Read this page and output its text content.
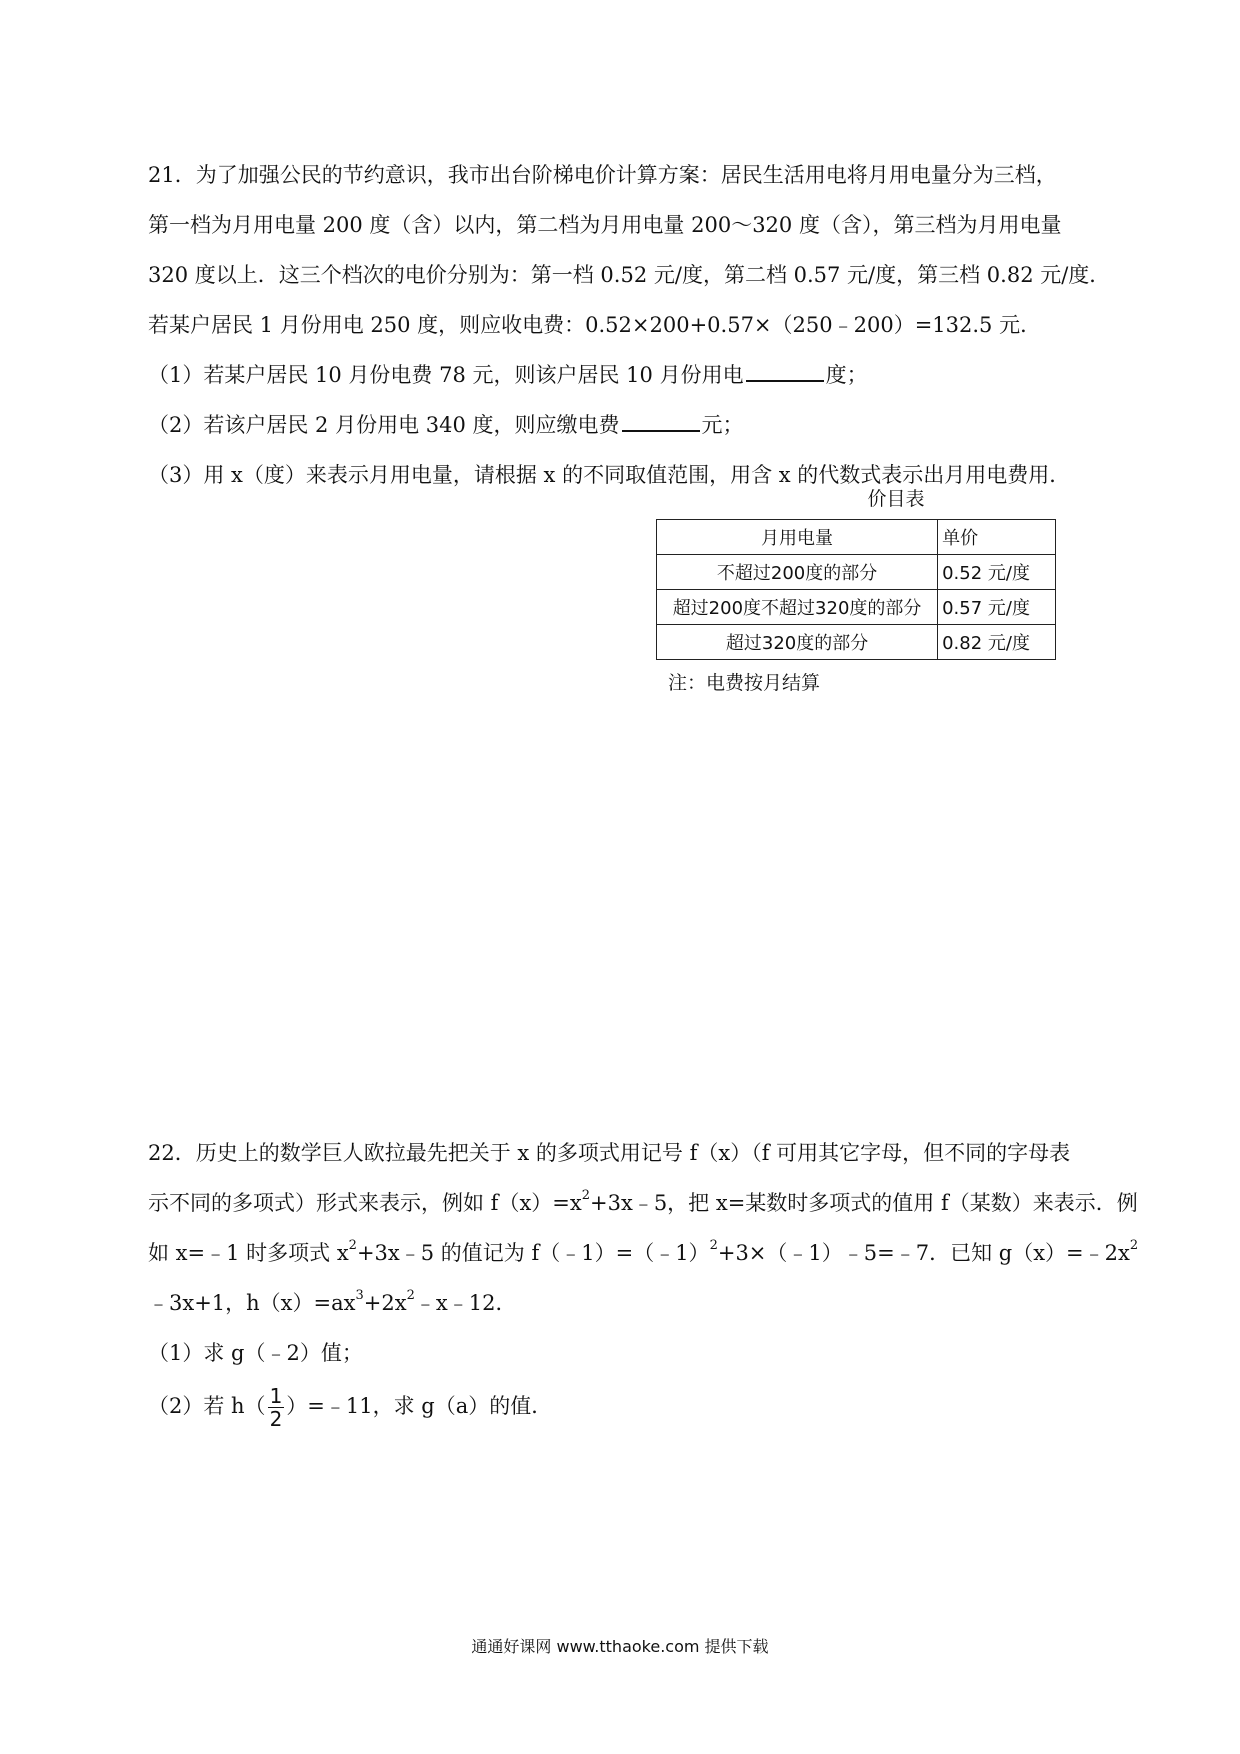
21．为了加强公民的节约意识，我市出台阶梯电价计算方案：居民生活用电将月用电量分为三档，
第一档为月用电量 200 度（含）以内，第二档为月用电量 200～320 度（含），第三档为月用电量
320 度以上．这三个档次的电价分别为：第一档 0.52 元/度，第二档 0.57 元/度，第三档 0.82 元/度．
若某户居民 1 月份用电 250 度，则应收电费：0.52×200+0.57×（250﹣200）=132.5 元．
（1）若某户居民 10 月份电费 78 元，则该户居民 10 月份用电	度；
（2）若该户居民 2 月份用电 340 度，则应缴电费	元；
（3）用 x（度）来表示月用电量，请根据 x 的不同取值范围，用含 x 的代数式表示出月用电费用．
价目表
月用电量	单价
不超过200度的部分	0.52 元/度
超过200度不超过320度的部分	0.57 元/度
超过320度的部分	0.82 元/度
注：电费按月结算
22．历史上的数学巨人欧拉最先把关于 x 的多项式用记号 f（x）（f 可用其它字母，但不同的字母表
示不同的多项式）形式来表示，例如 $f(x)=x^2+3x﹣5$，把 x=某数时多项式的值用 f（某数）来表示．例
如 x=﹣1 时多项式 $x^2+3x﹣5$ 的值记为 f（﹣1）=（﹣1）$^2$+3×（﹣1）﹣5=﹣7．已知 $g(x)=﹣2x^2$
﹣3x+1，$h(x)=ax^3+2x^2﹣x﹣12$．
（1）求 g（﹣2）值；
（2）若 $h( \frac{1}{2}$ ）=﹣11，求 g（a）的值．
通通好课网 www.tthaoke.com 提供下载
